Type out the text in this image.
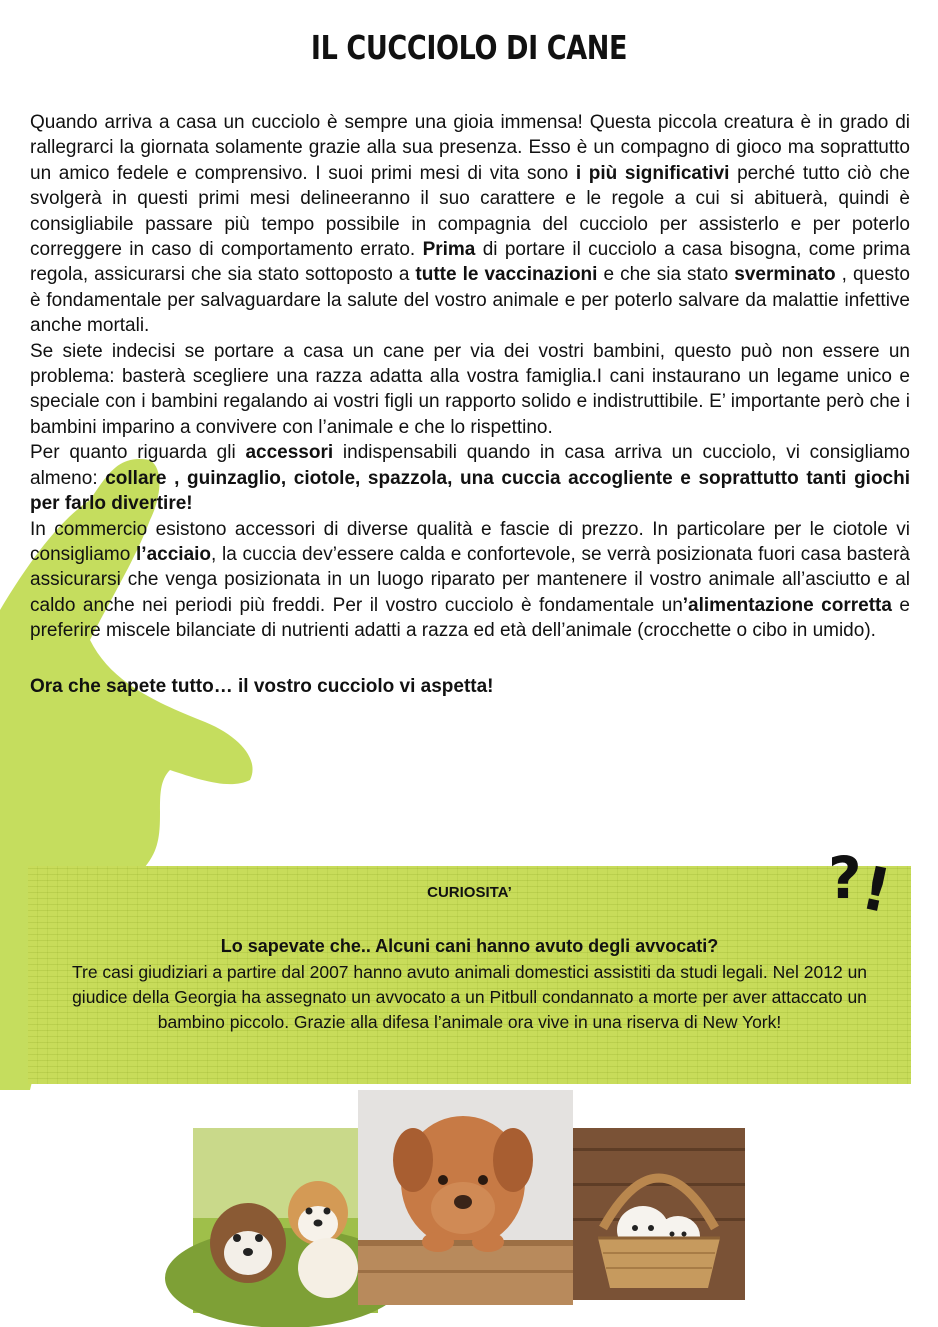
IL CUCCIOLO DI CANE

Quando arriva a casa un cucciolo è sempre una gioia immensa! Questa piccola creatura è in grado di rallegrarci la giornata solamente grazie alla sua presenza. Esso è un compagno di gioco ma soprattutto un amico fedele e comprensivo. I suoi primi mesi di vita sono i più significativi perché tutto ciò che svolgerà in questi primi mesi delineeranno il suo carattere e le regole a cui si abituerà, quindi è consigliabile passare più tempo possibile in compagnia del cucciolo per assisterlo e per poterlo correggere in caso di comportamento errato. Prima di portare il cucciolo a casa bisogna, come prima regola, assicurarsi che sia stato sottoposto a tutte le vaccinazioni e che sia stato sverminato , questo è fondamentale per salvaguardare la salute del vostro animale e per poterlo salvare da malattie infettive anche mortali.

Se siete indecisi se portare a casa un cane per via dei vostri bambini, questo può non essere un problema: basterà scegliere una razza adatta alla vostra famiglia.I cani instaurano un legame unico e speciale con i bambini regalando ai vostri figli un rapporto solido e indistruttibile. E’ importante però che i bambini imparino a convivere con l’animale e che lo rispettino.

Per quanto riguarda gli accessori indispensabili quando in casa arriva un cucciolo, vi consigliamo almeno: collare , guinzaglio, ciotole, spazzola, una cuccia accogliente e soprattutto tanti giochi per farlo divertire!

In commercio esistono accessori di diverse qualità e fascie di prezzo. In particolare per le ciotole vi consigliamo l’acciaio, la cuccia dev’essere calda e confortevole, se verrà posizionata fuori casa basterà assicurarsi che venga posizionata in un luogo riparato per mantenere il vostro animale all’asciutto e al caldo anche nei periodi più freddi. Per il vostro cucciolo è fondamentale un’alimentazione corretta e preferire miscele bilanciate di nutrienti adatti a razza ed età dell’animale (crocchette o cibo in umido).

Ora che sapete tutto… il vostro cucciolo vi aspetta!

CURIOSITA’
Lo sapevate che.. Alcuni cani hanno avuto degli avvocati?
Tre casi giudiziari a partire dal 2007 hanno avuto animali domestici assistiti da studi legali. Nel 2012 un giudice della Georgia ha assegnato un avvocato a un Pitbull condannato a morte per aver attaccato un bambino piccolo. Grazie alla difesa l’animale ora vive in una riserva di New York!
?
!
